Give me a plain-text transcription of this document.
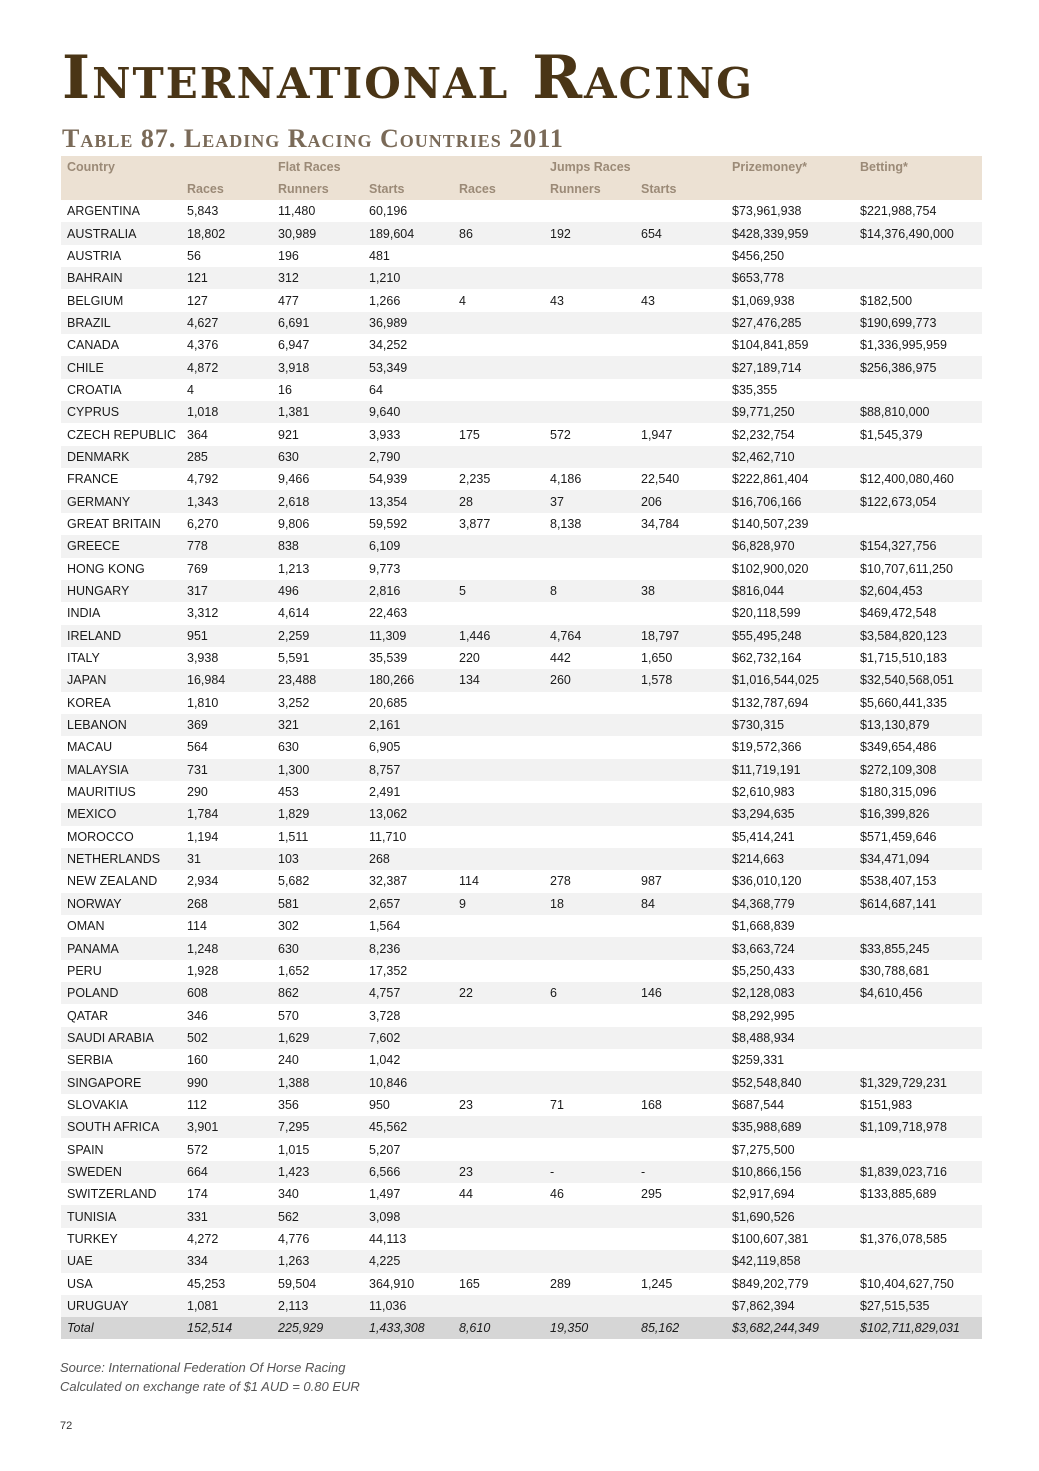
International Racing
Table 87. Leading Racing Countries 2011
Country		Flat Races			Jumps Races		Prizemoney*	Betting*
	Races	Runners	Starts	Races	Runners	Starts		
ARGENTINA	5,843	11,480	60,196				$73,961,938	$221,988,754
AUSTRALIA	18,802	30,989	189,604	86	192	654	$428,339,959	$14,376,490,000
AUSTRIA	56	196	481				$456,250	
BAHRAIN	121	312	1,210				$653,778	
BELGIUM	127	477	1,266	4	43	43	$1,069,938	$182,500
BRAZIL	4,627	6,691	36,989				$27,476,285	$190,699,773
CANADA	4,376	6,947	34,252				$104,841,859	$1,336,995,959
CHILE	4,872	3,918	53,349				$27,189,714	$256,386,975
CROATIA	4	16	64				$35,355	
CYPRUS	1,018	1,381	9,640				$9,771,250	$88,810,000
CZECH REPUBLIC	364	921	3,933	175	572	1,947	$2,232,754	$1,545,379
DENMARK	285	630	2,790				$2,462,710	
FRANCE	4,792	9,466	54,939	2,235	4,186	22,540	$222,861,404	$12,400,080,460
GERMANY	1,343	2,618	13,354	28	37	206	$16,706,166	$122,673,054
GREAT BRITAIN	6,270	9,806	59,592	3,877	8,138	34,784	$140,507,239	
GREECE	778	838	6,109				$6,828,970	$154,327,756
HONG KONG	769	1,213	9,773				$102,900,020	$10,707,611,250
HUNGARY	317	496	2,816	5	8	38	$816,044	$2,604,453
INDIA	3,312	4,614	22,463				$20,118,599	$469,472,548
IRELAND	951	2,259	11,309	1,446	4,764	18,797	$55,495,248	$3,584,820,123
ITALY	3,938	5,591	35,539	220	442	1,650	$62,732,164	$1,715,510,183
JAPAN	16,984	23,488	180,266	134	260	1,578	$1,016,544,025	$32,540,568,051
KOREA	1,810	3,252	20,685				$132,787,694	$5,660,441,335
LEBANON	369	321	2,161				$730,315	$13,130,879
MACAU	564	630	6,905				$19,572,366	$349,654,486
MALAYSIA	731	1,300	8,757				$11,719,191	$272,109,308
MAURITIUS	290	453	2,491				$2,610,983	$180,315,096
MEXICO	1,784	1,829	13,062				$3,294,635	$16,399,826
MOROCCO	1,194	1,511	11,710				$5,414,241	$571,459,646
NETHERLANDS	31	103	268				$214,663	$34,471,094
NEW ZEALAND	2,934	5,682	32,387	114	278	987	$36,010,120	$538,407,153
NORWAY	268	581	2,657	9	18	84	$4,368,779	$614,687,141
OMAN	114	302	1,564				$1,668,839	
PANAMA	1,248	630	8,236				$3,663,724	$33,855,245
PERU	1,928	1,652	17,352				$5,250,433	$30,788,681
POLAND	608	862	4,757	22	6	146	$2,128,083	$4,610,456
QATAR	346	570	3,728				$8,292,995	
SAUDI ARABIA	502	1,629	7,602				$8,488,934	
SERBIA	160	240	1,042				$259,331	
SINGAPORE	990	1,388	10,846				$52,548,840	$1,329,729,231
SLOVAKIA	112	356	950	23	71	168	$687,544	$151,983
SOUTH AFRICA	3,901	7,295	45,562				$35,988,689	$1,109,718,978
SPAIN	572	1,015	5,207				$7,275,500	
SWEDEN	664	1,423	6,566	23	-	-	$10,866,156	$1,839,023,716
SWITZERLAND	174	340	1,497	44	46	295	$2,917,694	$133,885,689
TUNISIA	331	562	3,098				$1,690,526	
TURKEY	4,272	4,776	44,113				$100,607,381	$1,376,078,585
UAE	334	1,263	4,225				$42,119,858	
USA	45,253	59,504	364,910	165	289	1,245	$849,202,779	$10,404,627,750
URUGUAY	1,081	2,113	11,036				$7,862,394	$27,515,535
Total	152,514	225,929	1,433,308	8,610	19,350	85,162	$3,682,244,349	$102,711,829,031
Source: International Federation Of Horse Racing
Calculated on exchange rate of $1 AUD = 0.80 EUR
72
